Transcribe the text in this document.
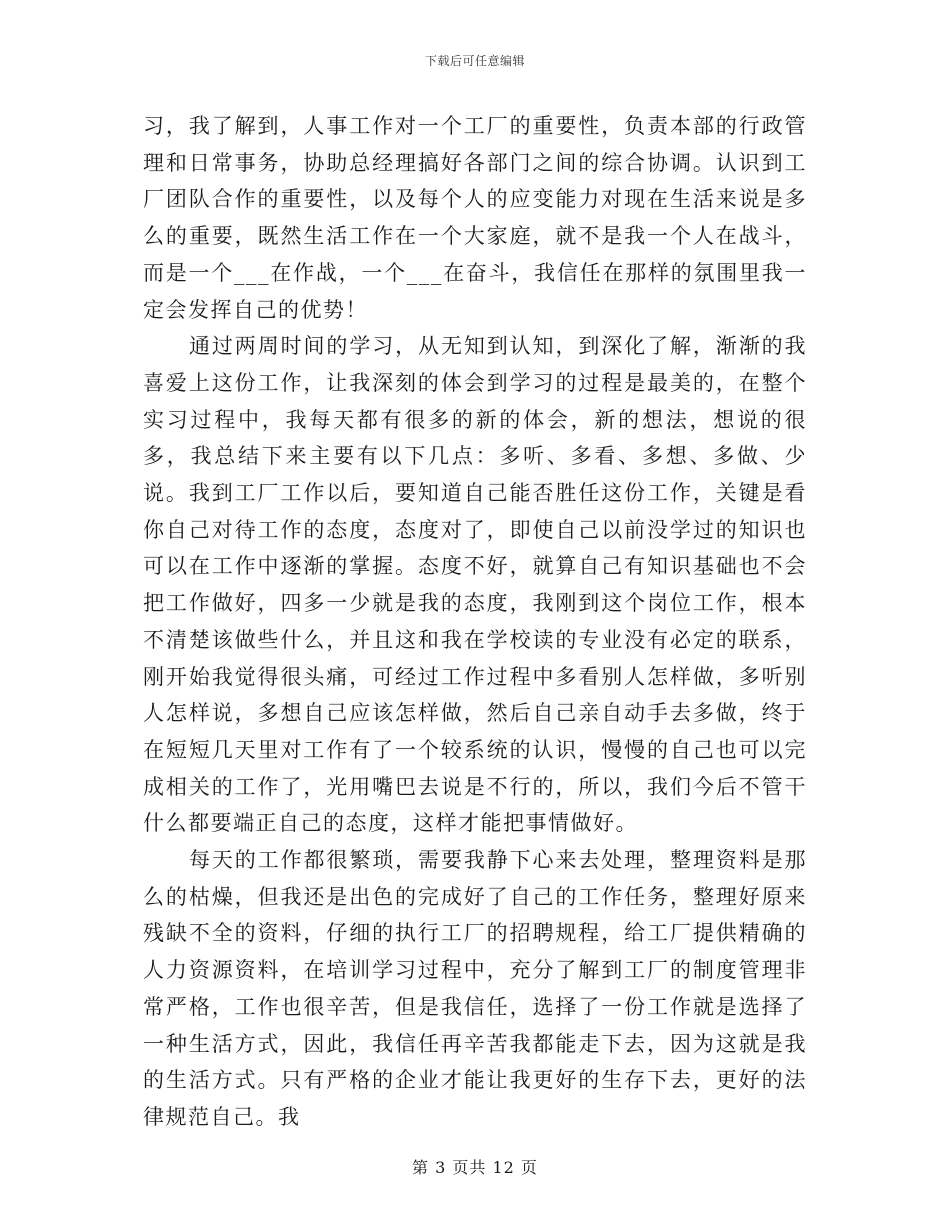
下载后可任意编辑

习，我了解到，人事工作对一个工厂的重要性，负责本部的行政管理和日常事务，协助总经理搞好各部门之间的综合协调。认识到工厂团队合作的重要性，以及每个人的应变能力对现在生活来说是多么的重要，既然生活工作在一个大家庭，就不是我一个人在战斗，而是一个___在作战，一个___在奋斗，我信任在那样的氛围里我一定会发挥自己的优势！

通过两周时间的学习，从无知到认知，到深化了解，渐渐的我喜爱上这份工作，让我深刻的体会到学习的过程是最美的，在整个实习过程中，我每天都有很多的新的体会，新的想法，想说的很多，我总结下来主要有以下几点：多听、多看、多想、多做、少说。我到工厂工作以后，要知道自己能否胜任这份工作，关键是看你自己对待工作的态度，态度对了，即使自己以前没学过的知识也可以在工作中逐渐的掌握。态度不好，就算自己有知识基础也不会把工作做好，四多一少就是我的态度，我刚到这个岗位工作，根本不清楚该做些什么，并且这和我在学校读的专业没有必定的联系，刚开始我觉得很头痛，可经过工作过程中多看别人怎样做，多听别人怎样说，多想自己应该怎样做，然后自己亲自动手去多做，终于在短短几天里对工作有了一个较系统的认识，慢慢的自己也可以完成相关的工作了，光用嘴巴去说是不行的，所以，我们今后不管干什么都要端正自己的态度，这样才能把事情做好。

每天的工作都很繁琐，需要我静下心来去处理，整理资料是那么的枯燥，但我还是出色的完成好了自己的工作任务，整理好原来残缺不全的资料，仔细的执行工厂的招聘规程，给工厂提供精确的人力资源资料，在培训学习过程中，充分了解到工厂的制度管理非常严格，工作也很辛苦，但是我信任，选择了一份工作就是选择了一种生活方式，因此，我信任再辛苦我都能走下去，因为这就是我的生活方式。只有严格的企业才能让我更好的生存下去，更好的法律规范自己。我

第 3 页共 12 页
